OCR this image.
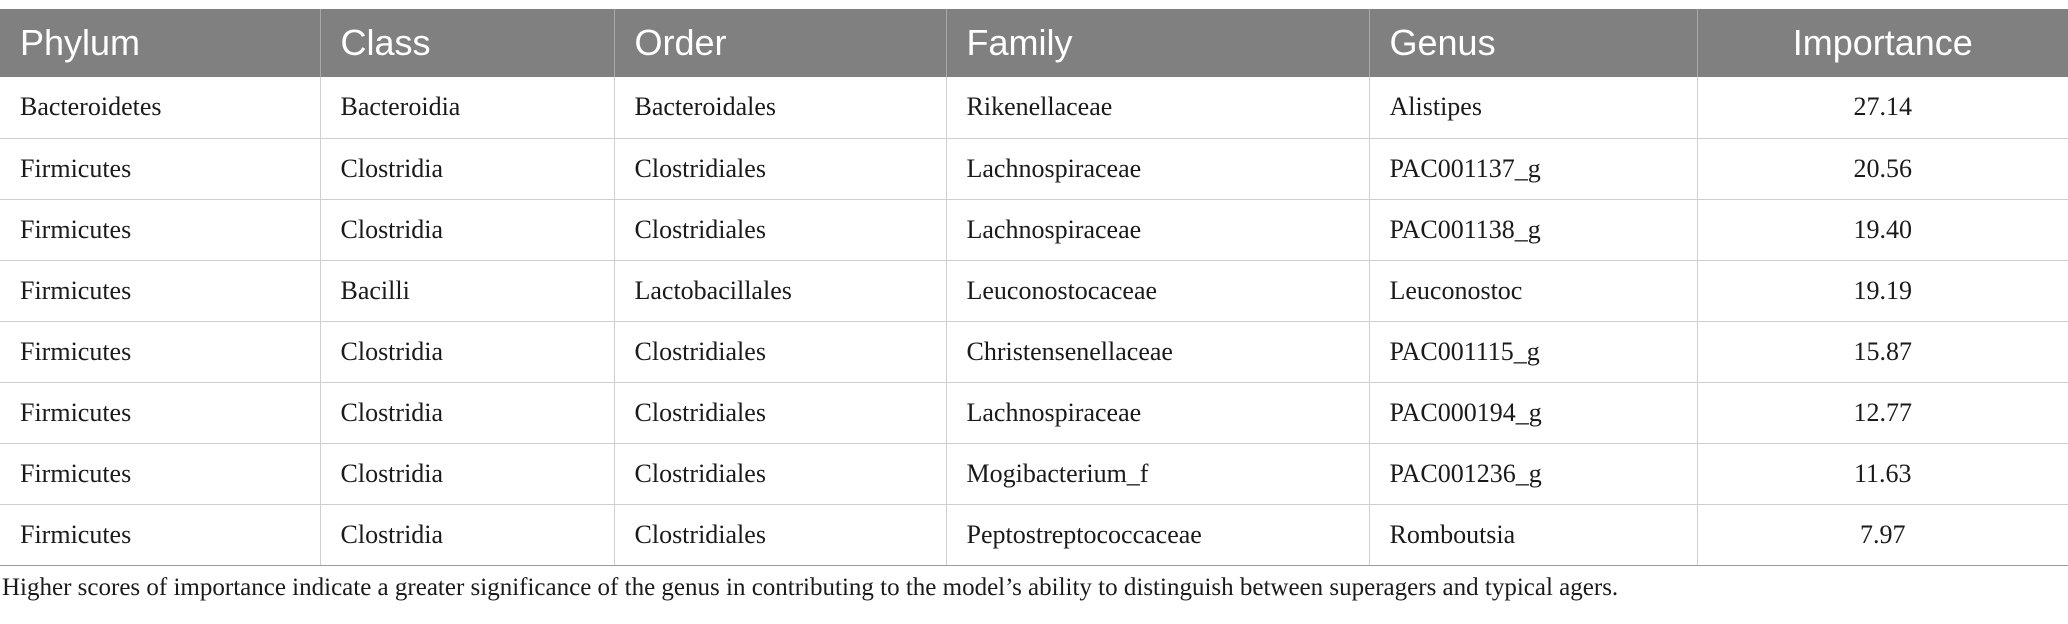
Phylum	Class	Order	Family	Genus	Importance
Bacteroidetes	Bacteroidia	Bacteroidales	Rikenellaceae	Alistipes	27.14
Firmicutes	Clostridia	Clostridiales	Lachnospiraceae	PAC001137_g	20.56
Firmicutes	Clostridia	Clostridiales	Lachnospiraceae	PAC001138_g	19.40
Firmicutes	Bacilli	Lactobacillales	Leuconostocaceae	Leuconostoc	19.19
Firmicutes	Clostridia	Clostridiales	Christensenellaceae	PAC001115_g	15.87
Firmicutes	Clostridia	Clostridiales	Lachnospiraceae	PAC000194_g	12.77
Firmicutes	Clostridia	Clostridiales	Mogibacterium_f	PAC001236_g	11.63
Firmicutes	Clostridia	Clostridiales	Peptostreptococcaceae	Romboutsia	7.97
Higher scores of importance indicate a greater significance of the genus in contributing to the model’s ability to distinguish between superagers and typical agers.
